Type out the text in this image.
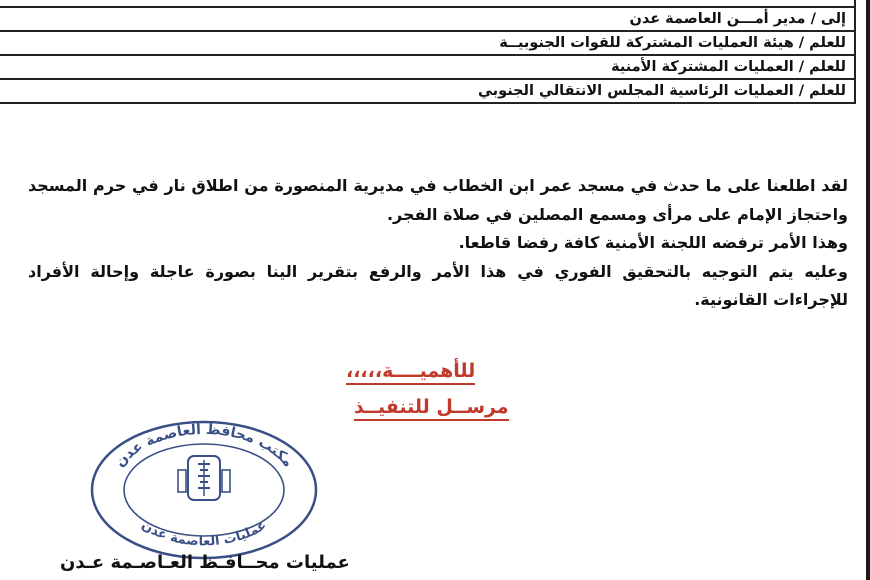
إلى / مدير أمـــن العاصمة عدن
للعلم / هيئة العمليات المشتركة للقوات الجنوبيــة
للعلم / العمليات المشتركة الأمنية
للعلم / العمليات الرئاسية المجلس الانتقالي الجنوبي

لقد اطلعنا على ما حدث في مسجد عمر ابن الخطاب في مديرية المنصورة من اطلاق نار في حرم المسجد واحتجاز الإمام على مرأى ومسمع المصلين في صلاة الفجر.

وهذا الأمر ترفضه اللجنة الأمنية كافة رفضا قاطعا.

وعليه يتم التوجيه بالتحقيق الفوري في هذا الأمر والرفع بتقرير الينا بصورة عاجلة وإحالة الأفراد للإجراءات القانونية.

للأهميــــة،،،،،
مرســل للتنفيــذ
مكتب محافظ العاصمة عدن
عمليات العاصمة عدن
عمليات محــافـظ العـاصـمة عـدن
